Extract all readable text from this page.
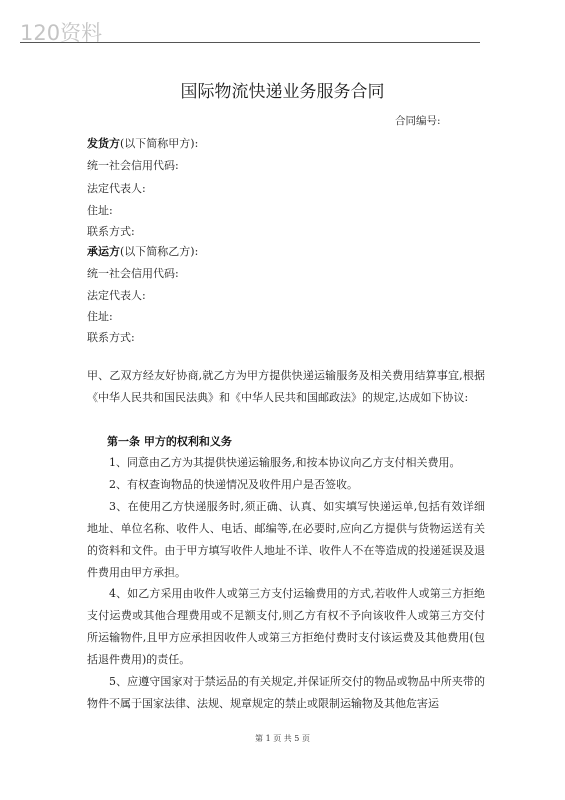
120资料
国际物流快递业务服务合同
合同编号:
发货方(以下简称甲方):
统一社会信用代码:
法定代表人:
住址:
联系方式:
承运方(以下简称乙方):
统一社会信用代码:
法定代表人:
住址:
联系方式:
甲、乙双方经友好协商,就乙方为甲方提供快递运输服务及相关费用结算事宜,根据《中华人民共和国民法典》和《中华人民共和国邮政法》的规定,达成如下协议:
第一条 甲方的权利和义务
1、同意由乙方为其提供快递运输服务,和按本协议向乙方支付相关费用。
2、有权查询物品的快递情况及收件用户是否签收。
3、在使用乙方快递服务时,须正确、认真、如实填写快递运单,包括有效详细地址、单位名称、收件人、电话、邮编等,在必要时,应向乙方提供与货物运送有关的资料和文件。由于甲方填写收件人地址不详、收件人不在等造成的投递延误及退件费用由甲方承担。
4、如乙方采用由收件人或第三方支付运输费用的方式,若收件人或第三方拒绝支付运费或其他合理费用或不足额支付,则乙方有权不予向该收件人或第三方交付所运输物件,且甲方应承担因收件人或第三方拒绝付费时支付该运费及其他费用(包括退件费用)的责任。
5、应遵守国家对于禁运品的有关规定,并保证所交付的物品或物品中所夹带的物件不属于国家法律、法规、规章规定的禁止或限制运输物及其他危害运
第 1 页 共 5 页
